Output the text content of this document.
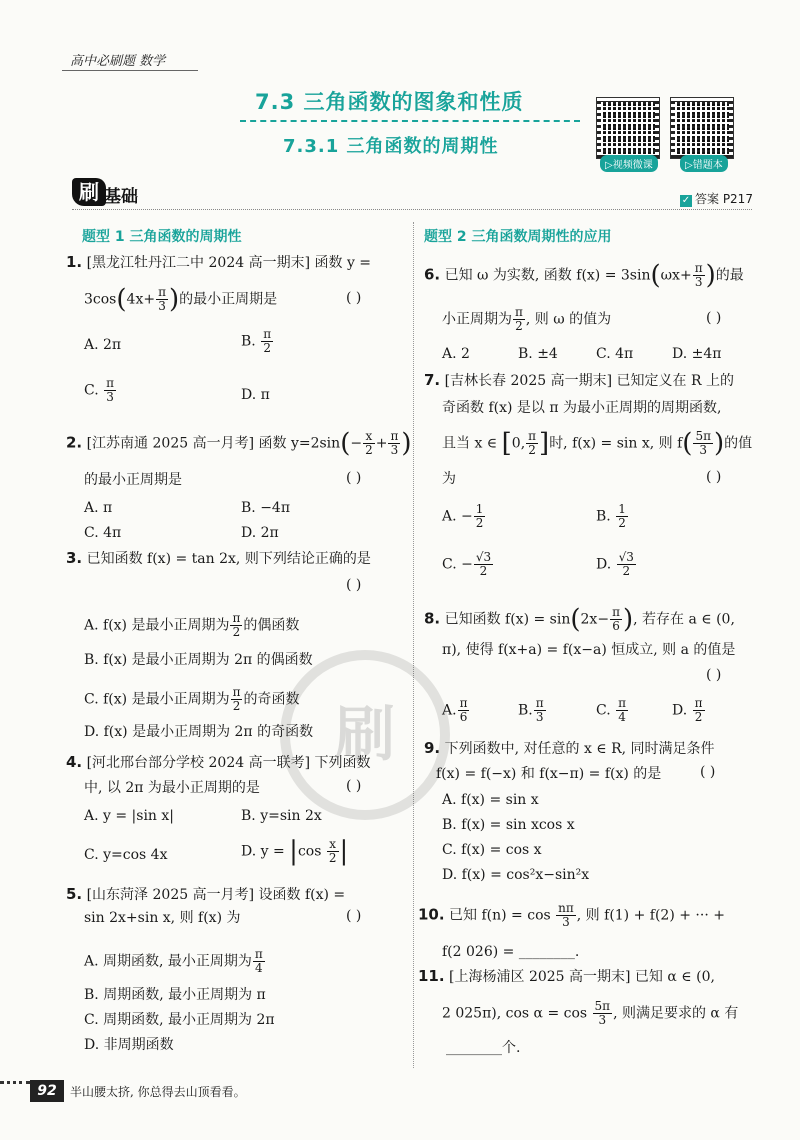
高中必刷题 数学
7.3 三角函数的图象和性质
7.3.1 三角函数的周期性
▷视频微课	▷错题本
刷 基础	✓ 答案 P217
刷
题型 1 三角函数的周期性
1. [黑龙江牡丹江二中 2024 高一期末] 函数 y =
$3\cos(4x+ \frac{\pi}{3}$ )的最小正周期是	( )
A. 2π	B. $\frac{\pi}{2}$
C. $\frac{\pi}{3}$	D. π
2. [江苏南通 2025 高一月考] 函数 $y=2\sin(- \frac{x}{2} + \frac{\pi}{3}$ )
的最小正周期是	( )
A. π	B. −4π
C. 4π	D. 2π
3. 已知函数 f(x) = tan 2x, 则下列结论正确的是
( )
A. f(x) 是最小正周期为 $\frac{\pi}{2}$ 的偶函数
B. f(x) 是最小正周期为 2π 的偶函数
C. f(x) 是最小正周期为 $\frac{\pi}{2}$ 的奇函数
D. f(x) 是最小正周期为 2π 的奇函数
4. [河北邢台部分学校 2024 高一联考] 下列函数
中, 以 2π 为最小正周期的是	( )
A. y = |sin x|	B. y=sin 2x
C. y=cos 4x	D. $y = |\cos \frac{x}{2}$ |
5. [山东菏泽 2025 高一月考] 设函数 f(x) =
sin 2x+sin x, 则 f(x) 为	( )
A. 周期函数, 最小正周期为 $\frac{\pi}{4}$
B. 周期函数, 最小正周期为 π
C. 周期函数, 最小正周期为 2π
D. 非周期函数
题型 2 三角函数周期性的应用
6. 已知 ω 为实数, 函数 $f(x) = 3\sin(\omega x+ \frac{\pi}{3}$ )的最
小正周期为 $\frac{\pi}{2}$ , 则 ω 的值为	( )
A. 2	B. ±4	C. 4π	D. ±4π
7. [吉林长春 2025 高一期末] 已知定义在 R 上的
奇函数 f(x) 是以 π 为最小正周期的周期函数,
且当 x ∈ [0, $\frac{\pi}{2}$ ]时, f(x) = sin x, 则 $f( \frac{5\pi}{3}$ )的值
为	( )
A. − $\frac{1}{2}$	B. $\frac{1}{2}$
C. − $\frac{√3}{2}$	D. $\frac{√3}{2}$
8. 已知函数 $f(x) = \sin(2x- \frac{\pi}{6}$ ), 若存在 a ∈ (0,
π), 使得 f(x+a) = f(x−a) 恒成立, 则 a 的值是
( )
A. $\frac{\pi}{6}$	B. $\frac{\pi}{3}$	C. $\frac{\pi}{4}$	D. $\frac{\pi}{2}$
9. 下列函数中, 对任意的 x ∈ R, 同时满足条件
f(x) = f(−x) 和 f(x−π) = f(x) 的是	( )
A. f(x) = sin x
B. f(x) = sin xcos x
C. f(x) = cos x
D. f(x) = cos²x−sin²x
10. 已知 $f(n) = \cos \frac{n\pi}{3}$ , 则 f(1) + f(2) + ··· +
f(2 026) = ________.
11. [上海杨浦区 2025 高一期末] 已知 α ∈ (0,
2 025π), $\cos \alpha = \cos \frac{5\pi}{3}$ , 则满足要求的 α 有
________个.
92	半山腰太挤, 你总得去山顶看看。
